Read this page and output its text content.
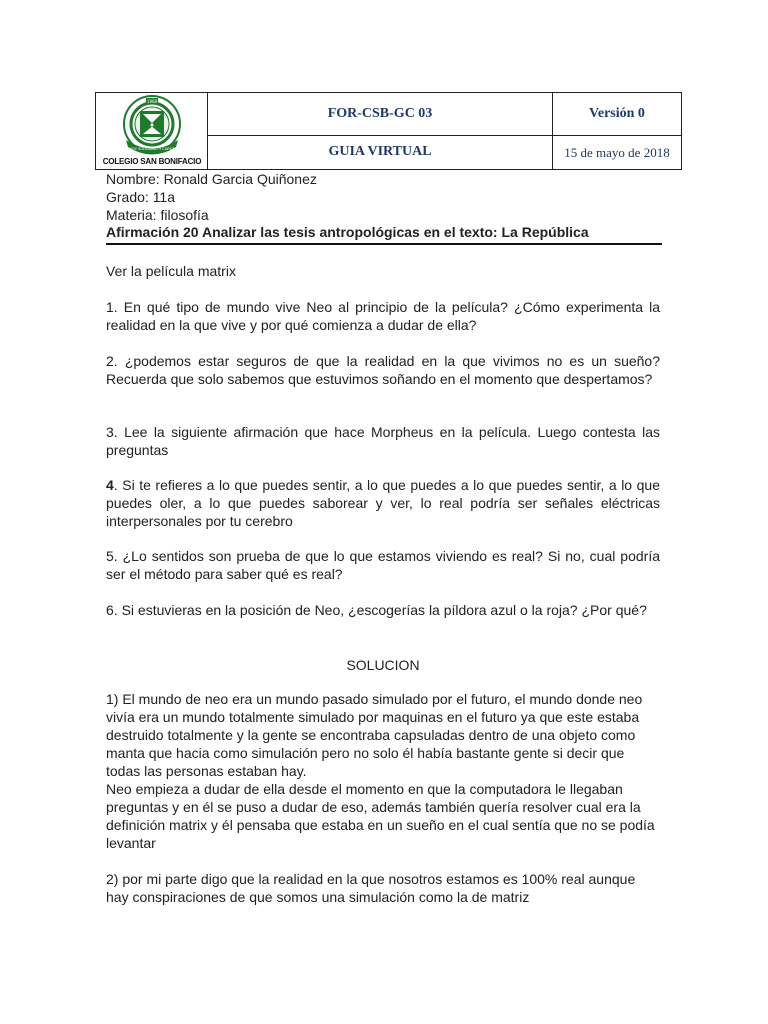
1968
SOY SOLIDARIO Y CAPAZ
COLEGIO SAN BONIFACIO
FOR-CSB-GC 03	Versión 0
GUIA VIRTUAL	15 de mayo de 2018

Nombre: Ronald Garcia Quiñonez

Grado: 11a

Materia: filosofía

Afirmación 20 Analizar las tesis antropológicas en el texto: La República

Ver la película matrix

1. En qué tipo de mundo vive Neo al principio de la película? ¿Cómo experimenta la realidad en la que vive y por qué comienza a dudar de ella?

2. ¿podemos estar seguros de que la realidad en la que vivimos no es un sueño? Recuerda que solo sabemos que estuvimos soñando en el momento que despertamos?

3. Lee la siguiente afirmación que hace Morpheus en la película. Luego contesta las preguntas

4. Si te refieres a lo que puedes sentir, a lo que puedes a lo que puedes sentir, a lo que puedes oler, a lo que puedes saborear y ver, lo real podría ser señales eléctricas interpersonales por tu cerebro

5. ¿Lo sentidos son prueba de que lo que estamos viviendo es real? Si no, cual podría ser el método para saber qué es real?

6. Si estuvieras en la posición de Neo, ¿escogerías la píldora azul o la roja? ¿Por qué?

SOLUCION

1) El mundo de neo era un mundo pasado simulado por el futuro, el mundo donde neo vivía era un mundo totalmente simulado por maquinas en el futuro ya que este estaba destruido totalmente y la gente se encontraba capsuladas dentro de una objeto como manta que hacia como simulación pero no solo él había bastante gente si decir que todas las personas estaban hay.

Neo empieza a dudar de ella desde el momento en que la computadora le llegaban preguntas y en él se puso a dudar de eso, además también quería resolver cual era la definición matrix y él pensaba que estaba en un sueño en el cual sentía que no se podía levantar

2) por mi parte digo que la realidad en la que nosotros estamos es 100% real aunque hay conspiraciones de que somos una simulación como la de matriz
